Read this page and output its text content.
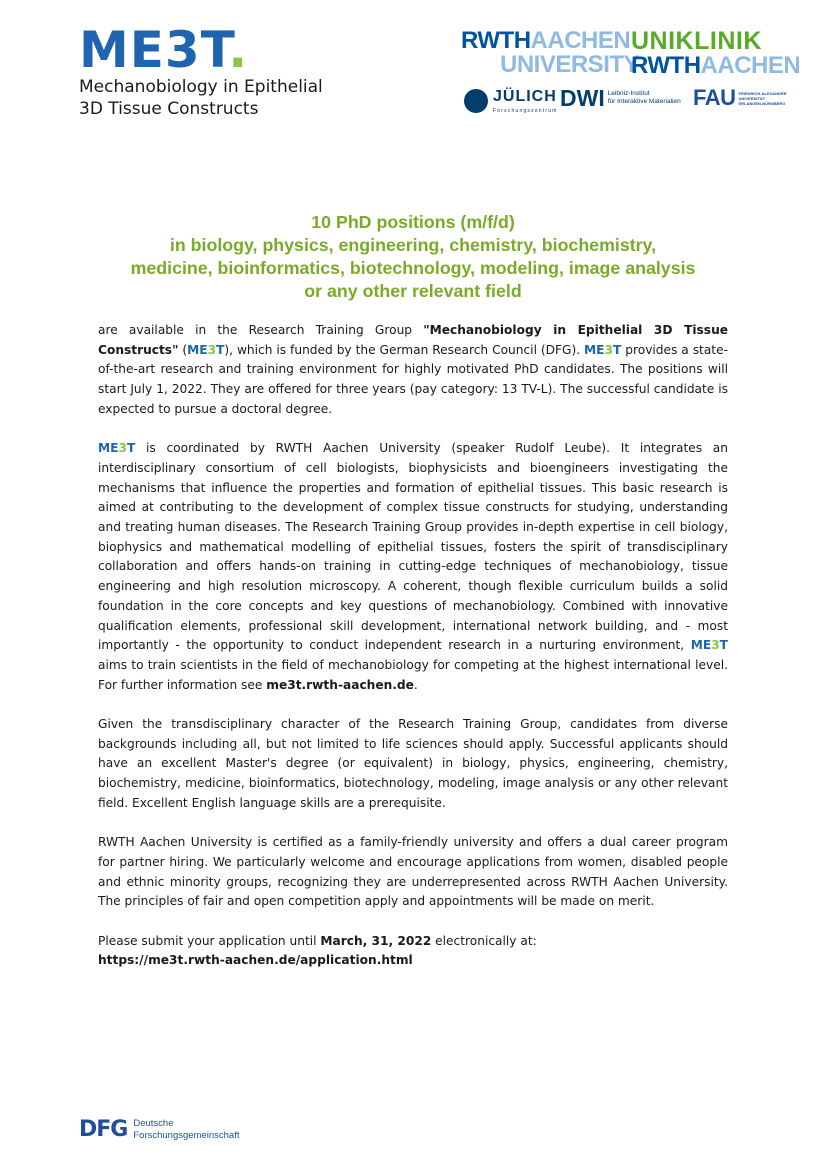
ME3T.
Mechanobiology in Epithelial
3D Tissue Constructs
RWTHAACHEN
UNIVERSITY
UNIKLINIK
RWTHAACHEN
JÜLICH
Forschungszentrum DWI Leibniz-Institut
für Interaktive Materialien FAU FRIEDRICH-ALEXANDER
UNIVERSITÄT
ERLANGEN-NÜRNBERG
10 PhD positions (m/f/d)
in biology, physics, engineering, chemistry, biochemistry,
medicine, bioinformatics, biotechnology, modeling, image analysis
or any other relevant field

are available in the Research Training Group "Mechanobiology in Epithelial 3D Tissue Constructs" (ME3T), which is funded by the German Research Council (DFG). ME3T provides a state-of-the-art research and training environment for highly motivated PhD candidates. The positions will start July 1, 2022. They are offered for three years (pay category: 13 TV-L). The successful candidate is expected to pursue a doctoral degree.

ME3T is coordinated by RWTH Aachen University (speaker Rudolf Leube). It integrates an interdisciplinary consortium of cell biologists, biophysicists and bioengineers investigating the mechanisms that influence the properties and formation of epithelial tissues. This basic research is aimed at contributing to the development of complex tissue constructs for studying, understanding and treating human diseases. The Research Training Group provides in-depth expertise in cell biology, biophysics and mathematical modelling of epithelial tissues, fosters the spirit of transdisciplinary collaboration and offers hands-on training in cutting-edge techniques of mechanobiology, tissue engineering and high resolution microscopy. A coherent, though flexible curriculum builds a solid foundation in the core concepts and key questions of mechanobiology. Combined with innovative qualification elements, professional skill development, international network building, and - most importantly - the opportunity to conduct independent research in a nurturing environment, ME3T aims to train scientists in the field of mechanobiology for competing at the highest international level. For further information see me3t.rwth-aachen.de.

Given the transdisciplinary character of the Research Training Group, candidates from diverse backgrounds including all, but not limited to life sciences should apply. Successful applicants should have an excellent Master's degree (or equivalent) in biology, physics, engineering, chemistry, biochemistry, medicine, bioinformatics, biotechnology, modeling, image analysis or any other relevant field. Excellent English language skills are a prerequisite.

RWTH Aachen University is certified as a family-friendly university and offers a dual career program for partner hiring. We particularly welcome and encourage applications from women, disabled people and ethnic minority groups, recognizing they are underrepresented across RWTH Aachen University. The principles of fair and open competition apply and appointments will be made on merit.

Please submit your application until March, 31, 2022 electronically at:
https://me3t.rwth-aachen.de/application.html

DFG Deutsche
Forschungsgemeinschaft
